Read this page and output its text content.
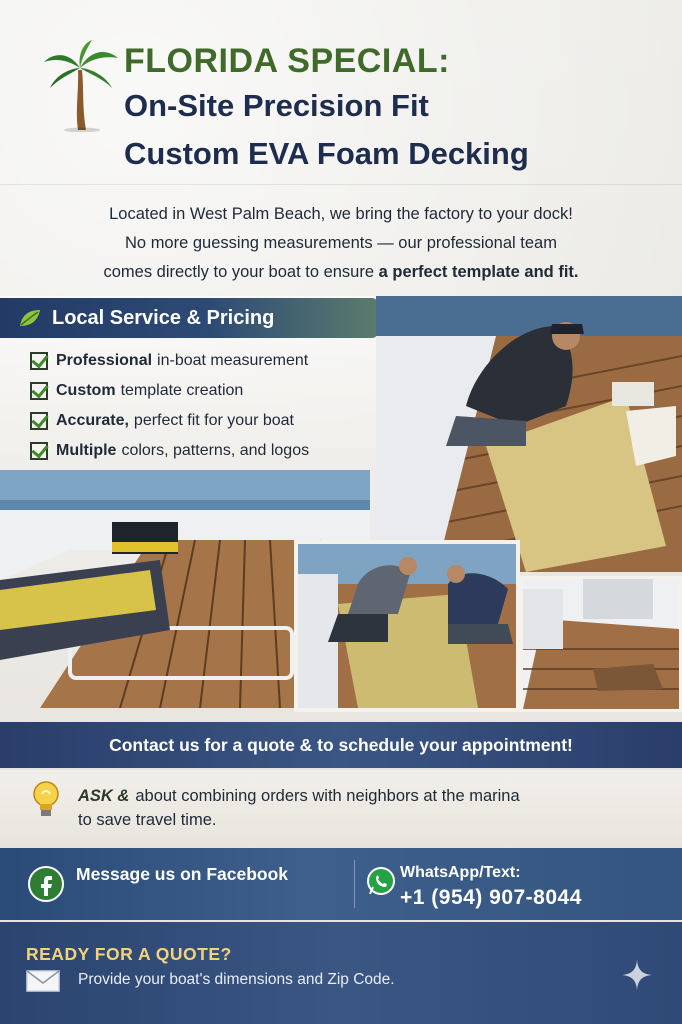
FLORIDA SPECIAL:
On-Site Precision Fit
Custom EVA Foam Decking
Located in West Palm Beach, we bring the factory to your dock!
No more guessing measurements — our professional team
comes directly to your boat to ensure a perfect template and fit.
Local Service & Pricing
Professional in-boat measurement
Custom template creation
Accurate, perfect fit for your boat
Multiple colors, patterns, and logos
Contact us for a quote & to schedule your appointment!
ASK & about combining orders with neighbors at the marina
to save travel time.
Message us on Facebook	WhatsApp/Text:
+1 (954) 907-8044
READY FOR A QUOTE?
Provide your boat's dimensions and Zip Code.
